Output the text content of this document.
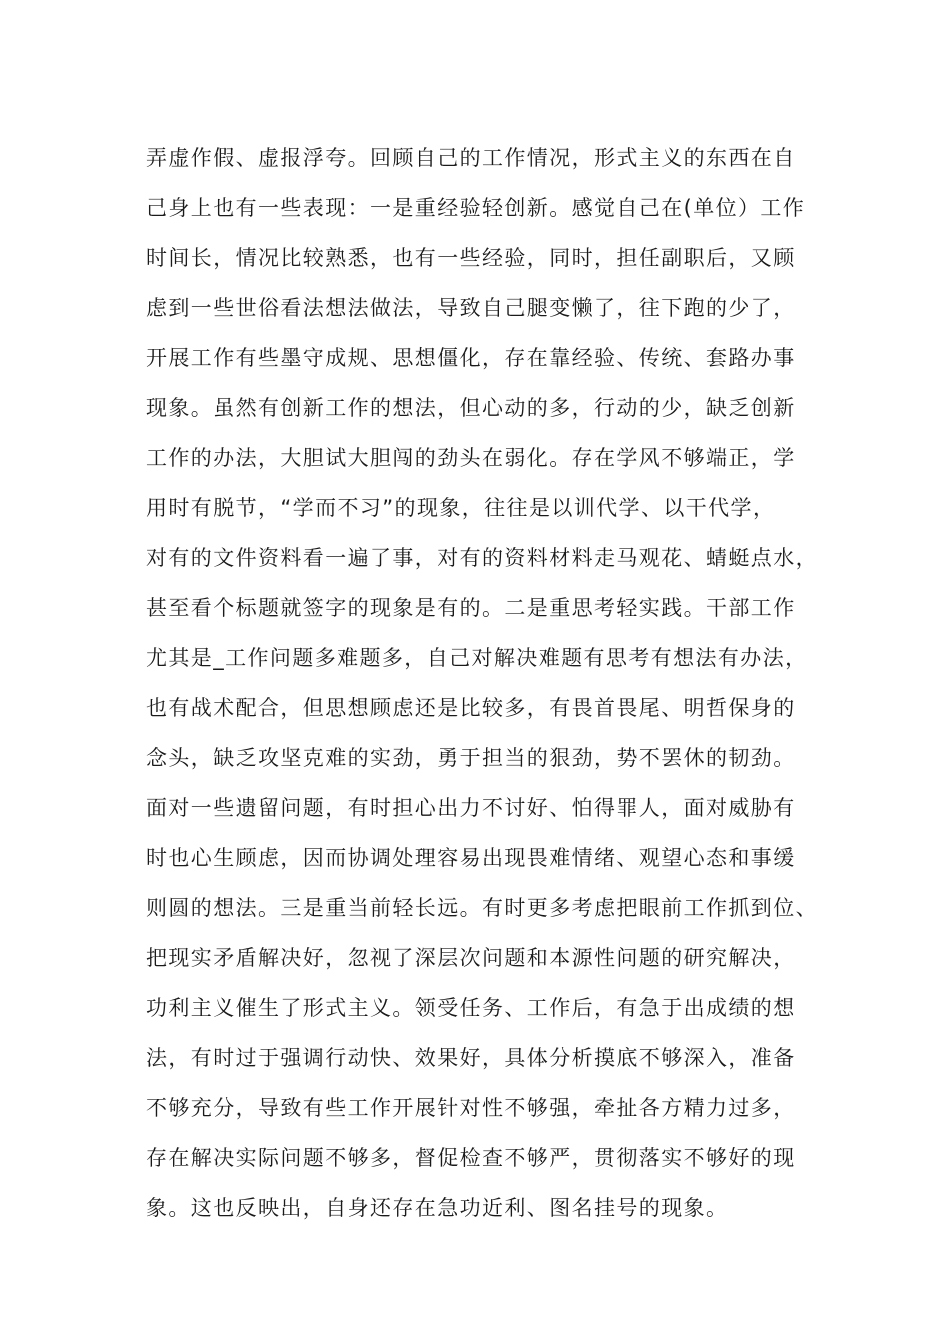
弄虚作假、虚报浮夸。回顾自己的工作情况，形式主义的东西在自
己身上也有一些表现：一是重经验轻创新。感觉自己在(单位）工作
时间长，情况比较熟悉，也有一些经验，同时，担任副职后，又顾
虑到一些世俗看法想法做法，导致自己腿变懒了，往下跑的少了，
开展工作有些墨守成规、思想僵化，存在靠经验、传统、套路办事
现象。虽然有创新工作的想法，但心动的多，行动的少，缺乏创新
工作的办法，大胆试大胆闯的劲头在弱化。存在学风不够端正，学
用时有脱节，“学而不习”的现象，往往是以训代学、以干代学，
对有的文件资料看一遍了事，对有的资料材料走马观花、蜻蜓点水，
甚至看个标题就签字的现象是有的。二是重思考轻实践。干部工作
尤其是_工作问题多难题多，自己对解决难题有思考有想法有办法，
也有战术配合，但思想顾虑还是比较多，有畏首畏尾、明哲保身的
念头，缺乏攻坚克难的实劲，勇于担当的狠劲，势不罢休的韧劲。
面对一些遗留问题，有时担心出力不讨好、怕得罪人，面对威胁有
时也心生顾虑，因而协调处理容易出现畏难情绪、观望心态和事缓
则圆的想法。三是重当前轻长远。有时更多考虑把眼前工作抓到位、
把现实矛盾解决好，忽视了深层次问题和本源性问题的研究解决，
功利主义催生了形式主义。领受任务、工作后，有急于出成绩的想
法，有时过于强调行动快、效果好，具体分析摸底不够深入，准备
不够充分，导致有些工作开展针对性不够强，牵扯各方精力过多，
存在解决实际问题不够多，督促检查不够严，贯彻落实不够好的现
象。这也反映出，自身还存在急功近利、图名挂号的现象。
